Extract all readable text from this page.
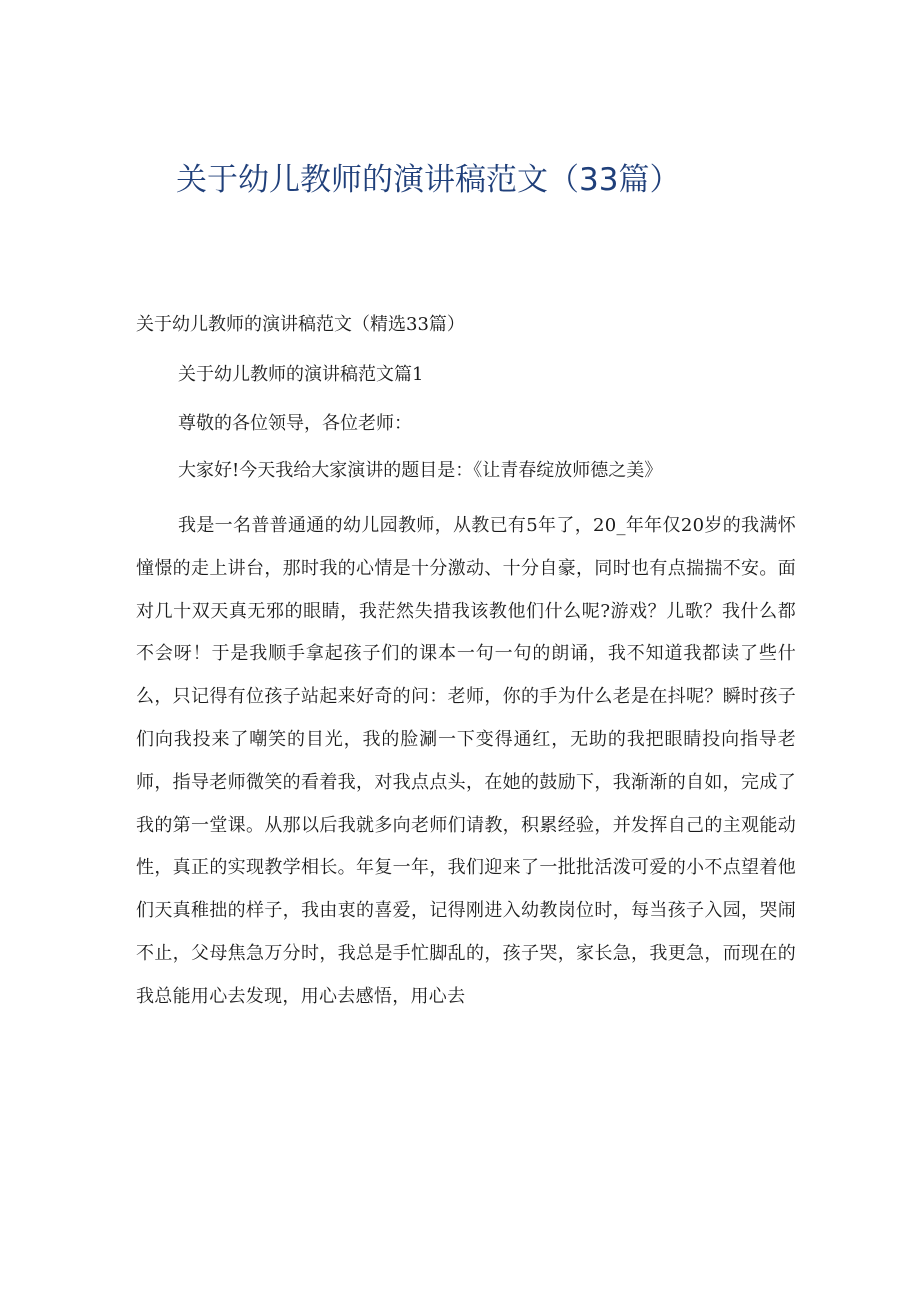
关于幼儿教师的演讲稿范文（33篇）

关于幼儿教师的演讲稿范文（精选33篇）

关于幼儿教师的演讲稿范文篇1

尊敬的各位领导，各位老师：

大家好!今天我给大家演讲的题目是：《让青春绽放师德之美》

我是一名普普通通的幼儿园教师，从教已有5年了，20_年年仅20岁的我满怀憧憬的走上讲台，那时我的心情是十分激动、十分自豪，同时也有点揣揣不安。面对几十双天真无邪的眼睛，我茫然失措我该教他们什么呢?游戏？儿歌？我什么都不会呀！于是我顺手拿起孩子们的课本一句一句的朗诵，我不知道我都读了些什么，只记得有位孩子站起来好奇的问：老师，你的手为什么老是在抖呢？瞬时孩子们向我投来了嘲笑的目光，我的脸涮一下变得通红，无助的我把眼睛投向指导老师，指导老师微笑的看着我，对我点点头，在她的鼓励下，我渐渐的自如，完成了我的第一堂课。从那以后我就多向老师们请教，积累经验，并发挥自己的主观能动性，真正的实现教学相长。年复一年，我们迎来了一批批活泼可爱的小不点望着他们天真稚拙的样子，我由衷的喜爱，记得刚进入幼教岗位时，每当孩子入园，哭闹不止，父母焦急万分时，我总是手忙脚乱的，孩子哭，家长急，我更急，而现在的我总能用心去发现，用心去感悟，用心去
